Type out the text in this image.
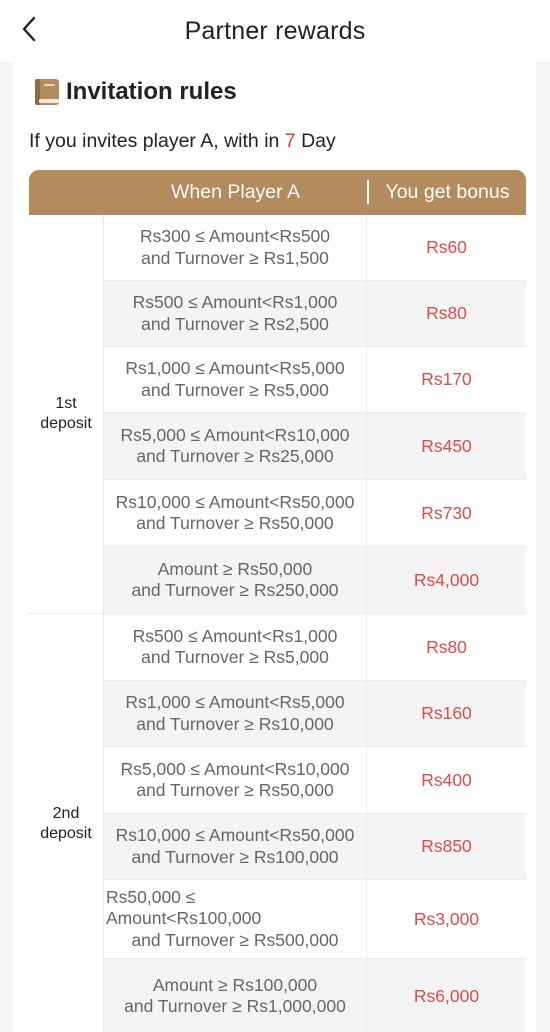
Partner rewards
Invitation rules
If you invites player A, with in 7 Day
When Player A	You get bonus
1st
deposit
Rs300 ≤ Amount<Rs500
and Turnover ≥ Rs1,500
Rs60
Rs500 ≤ Amount<Rs1,000
and Turnover ≥ Rs2,500
Rs80
Rs1,000 ≤ Amount<Rs5,000
and Turnover ≥ Rs5,000
Rs170
Rs5,000 ≤ Amount<Rs10,000
and Turnover ≥ Rs25,000
Rs450
Rs10,000 ≤ Amount<Rs50,000
and Turnover ≥ Rs50,000
Rs730
Amount ≥ Rs50,000
and Turnover ≥ Rs250,000
Rs4,000
2nd
deposit
Rs500 ≤ Amount<Rs1,000
and Turnover ≥ Rs5,000
Rs80
Rs1,000 ≤ Amount<Rs5,000
and Turnover ≥ Rs10,000
Rs160
Rs5,000 ≤ Amount<Rs10,000
and Turnover ≥ Rs50,000
Rs400
Rs10,000 ≤ Amount<Rs50,000
and Turnover ≥ Rs100,000
Rs850
Rs50,000 ≤
Amount<Rs100,000
and Turnover ≥ Rs500,000
Rs3,000
Amount ≥ Rs100,000
and Turnover ≥ Rs1,000,000
Rs6,000
